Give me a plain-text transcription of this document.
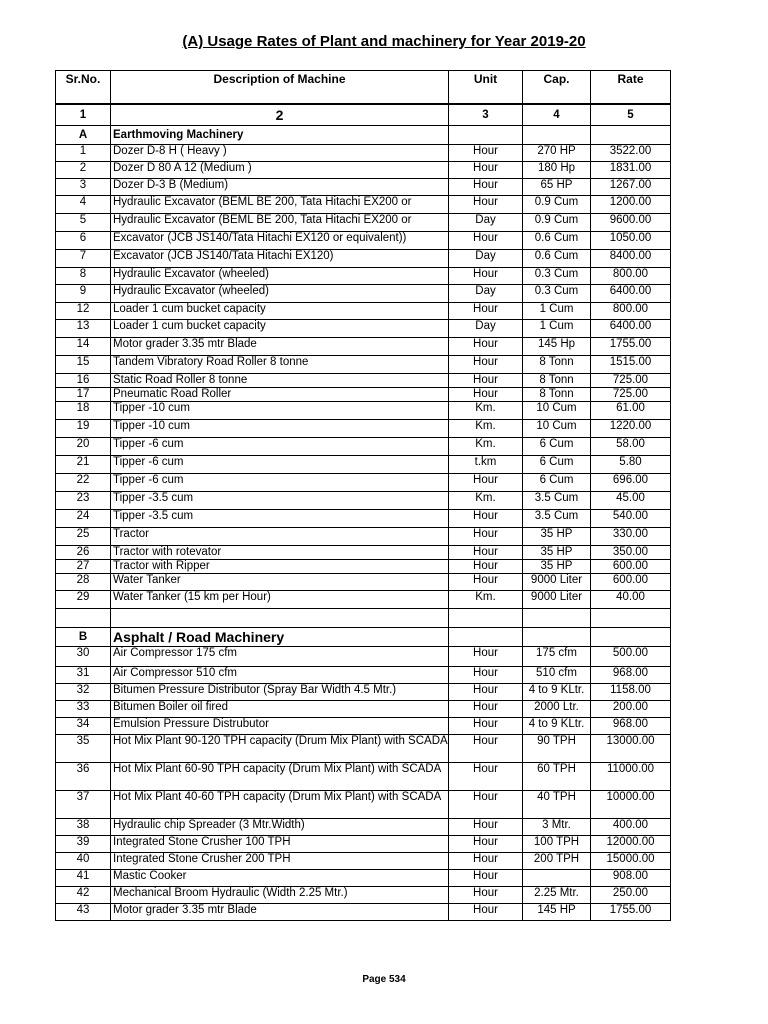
(A) Usage Rates of Plant and machinery for Year 2019-20
Sr.No.	Description of Machine	Unit	Cap.	Rate
1	2	3	4	5
A	Earthmoving Machinery			
1	Dozer D-8 H ( Heavy )	Hour	270 HP	3522.00
2	Dozer D 80 A 12 (Medium )	Hour	180 Hp	1831.00
3	Dozer D-3 B (Medium)	Hour	65 HP	1267.00
4	Hydraulic Excavator (BEML BE 200, Tata Hitachi EX200 or	Hour	0.9 Cum	1200.00
5	Hydraulic Excavator (BEML BE 200, Tata Hitachi EX200 or	Day	0.9 Cum	9600.00
6	Excavator (JCB JS140/Tata Hitachi EX120 or equivalent))	Hour	0.6 Cum	1050.00
7	Excavator (JCB JS140/Tata Hitachi EX120)	Day	0.6 Cum	8400.00
8	Hydraulic Excavator (wheeled)	Hour	0.3 Cum	800.00
9	Hydraulic Excavator (wheeled)	Day	0.3 Cum	6400.00
12	Loader 1 cum bucket capacity	Hour	1 Cum	800.00
13	Loader 1 cum bucket capacity	Day	1 Cum	6400.00
14	Motor grader 3.35 mtr Blade	Hour	145 Hp	1755.00
15	Tandem Vibratory Road Roller 8 tonne	Hour	8 Tonn	1515.00
16	Static Road Roller 8 tonne	Hour	8 Tonn	725.00
17	Pneumatic Road Roller	Hour	8 Tonn	725.00
18	Tipper -10 cum	Km.	10 Cum	61.00
19	Tipper -10 cum	Km.	10 Cum	1220.00
20	Tipper -6 cum	Km.	6 Cum	58.00
21	Tipper -6 cum	t.km	6 Cum	5.80
22	Tipper -6 cum	Hour	6 Cum	696.00
23	Tipper -3.5 cum	Km.	3.5 Cum	45.00
24	Tipper -3.5 cum	Hour	3.5 Cum	540.00
25	Tractor	Hour	35 HP	330.00
26	Tractor with rotevator	Hour	35 HP	350.00
27	Tractor with Ripper	Hour	35 HP	600.00
28	Water Tanker	Hour	9000 Liter	600.00
29	Water Tanker (15 km per Hour)	Km.	9000 Liter	40.00

B	Asphalt / Road Machinery			
30	Air Compressor 175 cfm	Hour	175 cfm	500.00
31	Air Compressor 510 cfm	Hour	510 cfm	968.00
32	Bitumen Pressure Distributor (Spray Bar Width 4.5 Mtr.)	Hour	4 to 9 KLtr.	1158.00
33	Bitumen Boiler oil fired	Hour	2000 Ltr.	200.00
34	Emulsion Pressure Distrubutor	Hour	4 to 9 KLtr.	968.00
35	Hot Mix Plant 90-120 TPH capacity (Drum Mix Plant) with SCADA	Hour	90 TPH	13000.00
36	Hot Mix Plant 60-90 TPH capacity (Drum Mix Plant) with SCADA	Hour	60 TPH	11000.00
37	Hot Mix Plant 40-60 TPH capacity (Drum Mix Plant) with SCADA	Hour	40 TPH	10000.00
38	Hydraulic chip Spreader (3 Mtr.Width)	Hour	3 Mtr.	400.00
39	Integrated Stone Crusher 100 TPH	Hour	100 TPH	12000.00
40	Integrated Stone Crusher 200 TPH	Hour	200 TPH	15000.00
41	Mastic Cooker	Hour		908.00
42	Mechanical Broom Hydraulic (Width 2.25 Mtr.)	Hour	2.25 Mtr.	250.00
43	Motor grader 3.35 mtr Blade	Hour	145 HP	1755.00
Page 534
